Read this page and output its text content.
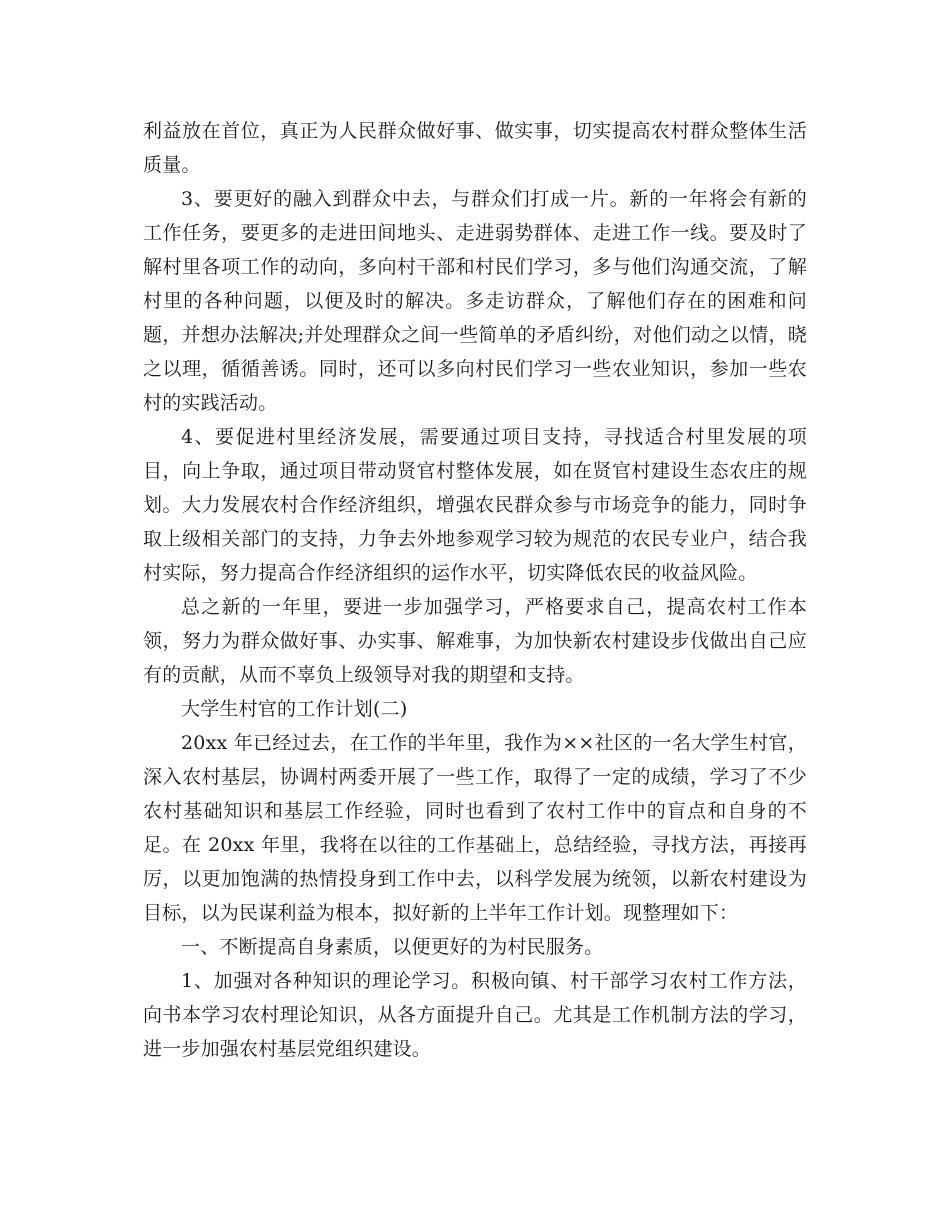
利益放在首位，真正为人民群众做好事、做实事，切实提高农村群众整体生活质量。

3、要更好的融入到群众中去，与群众们打成一片。新的一年将会有新的工作任务，要更多的走进田间地头、走进弱势群体、走进工作一线。要及时了解村里各项工作的动向，多向村干部和村民们学习，多与他们沟通交流，了解村里的各种问题，以便及时的解决。多走访群众，了解他们存在的困难和问题，并想办法解决;并处理群众之间一些简单的矛盾纠纷，对他们动之以情，晓之以理，循循善诱。同时，还可以多向村民们学习一些农业知识，参加一些农村的实践活动。

4、要促进村里经济发展，需要通过项目支持，寻找适合村里发展的项目，向上争取，通过项目带动贤官村整体发展，如在贤官村建设生态农庄的规划。大力发展农村合作经济组织，增强农民群众参与市场竞争的能力，同时争取上级相关部门的支持，力争去外地参观学习较为规范的农民专业户，结合我村实际，努力提高合作经济组织的运作水平，切实降低农民的收益风险。

总之新的一年里，要进一步加强学习，严格要求自己，提高农村工作本领，努力为群众做好事、办实事、解难事，为加快新农村建设步伐做出自己应有的贡献，从而不辜负上级领导对我的期望和支持。

大学生村官的工作计划(二)

20xx 年已经过去，在工作的半年里，我作为××社区的一名大学生村官，深入农村基层，协调村两委开展了一些工作，取得了一定的成绩，学习了不少农村基础知识和基层工作经验，同时也看到了农村工作中的盲点和自身的不足。在 20xx 年里，我将在以往的工作基础上，总结经验，寻找方法，再接再厉，以更加饱满的热情投身到工作中去，以科学发展为统领，以新农村建设为目标，以为民谋利益为根本，拟好新的上半年工作计划。现整理如下：

一、不断提高自身素质，以便更好的为村民服务。

1、加强对各种知识的理论学习。积极向镇、村干部学习农村工作方法，向书本学习农村理论知识，从各方面提升自己。尤其是工作机制方法的学习，进一步加强农村基层党组织建设。
